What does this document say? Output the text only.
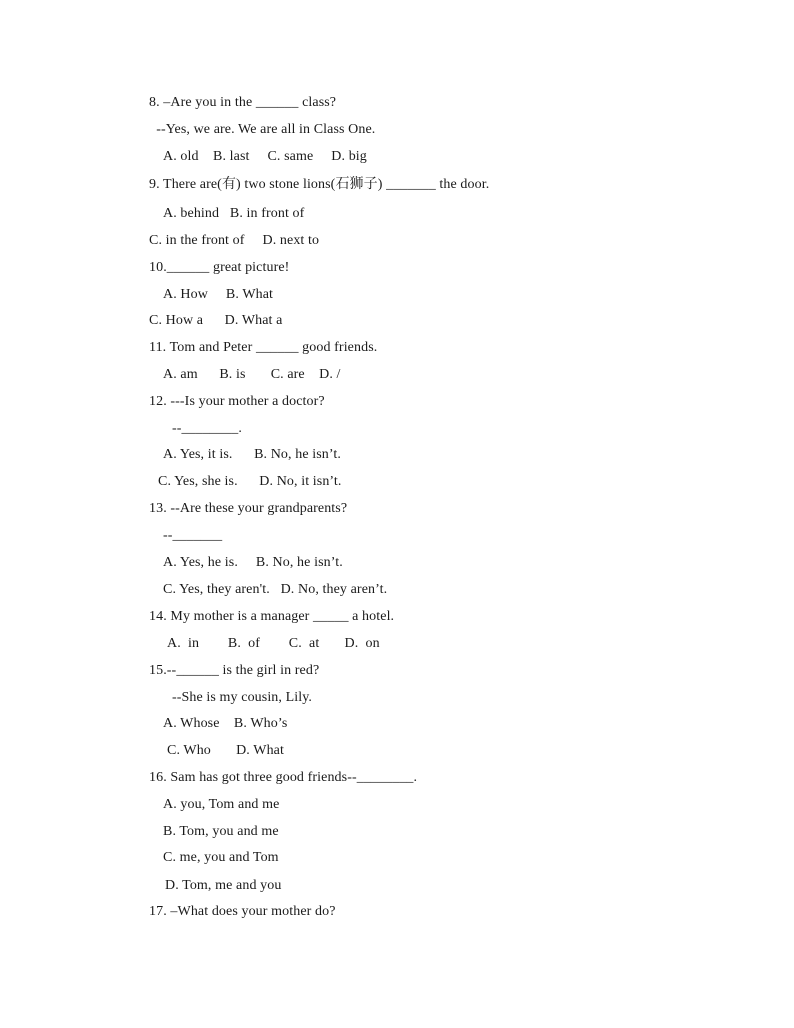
8. –Are you in the ______ class?
--Yes, we are. We are all in Class One.
A. old    B. last     C. same     D. big
9. There are(有) two stone lions(石狮子) _______ the door.
A. behind   B. in front of
C. in the front of     D. next to
10.______ great picture!
A. How     B. What
C. How a      D. What a
11. Tom and Peter ______ good friends.
A. am      B. is       C. are    D. /
12. ---Is your mother a doctor?
--________.
A. Yes, it is.      B. No, he isn’t.
C. Yes, she is.      D. No, it isn’t.
13. --Are these your grandparents?
--_______
A. Yes, he is.     B. No, he isn’t.
C. Yes, they aren't.   D. No, they aren’t.
14. My mother is a manager _____ a hotel.
A.  in        B.  of        C.  at       D.  on
15.--______ is the girl in red?
--She is my cousin, Lily.
A. Whose    B. Who’s
C. Who       D. What
16. Sam has got three good friends--________.
A. you, Tom and me
B. Tom, you and me
C. me, you and Tom
D. Tom, me and you
17. –What does your mother do?
